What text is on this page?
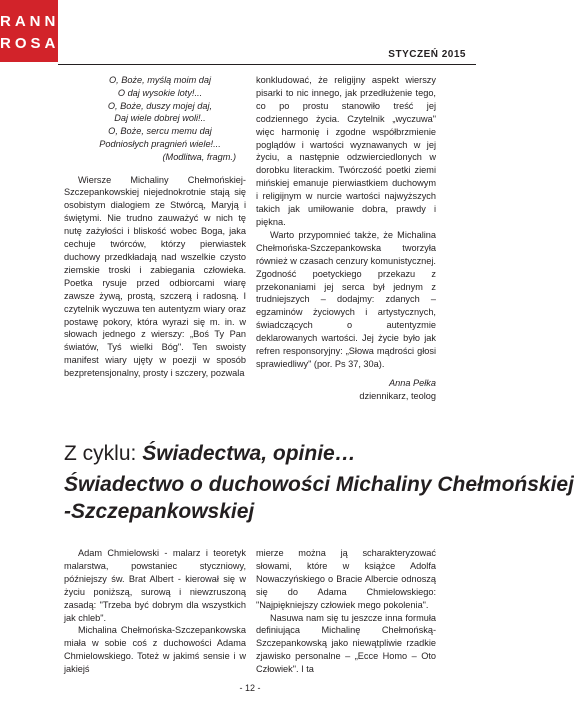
RANNA
ROSA
STYCZEŃ 2015
O, Boże, myślą moim daj
O daj wysokie loty!...
O, Boże, duszy mojej daj,
Daj wiele dobrej woli!..
O, Boże, sercu memu daj
Podniosłych pragnień wiele!...
(Modlitwa, fragm.)

Wiersze Michaliny Chełmońskiej-Szczepankowskiej niejednokrotnie stają się osobistym dialogiem ze Stwórcą, Maryją i świętymi. Nie trudno zauważyć w nich tę nutę zażyłości i bliskość wobec Boga, jaka cechuje twórców, którzy pierwiastek duchowy przedkładają nad wszelkie czysto ziemskie troski i zabiegania człowieka. Poetka rysuje przed odbiorcami wiarę zawsze żywą, prostą, szczerą i radosną. I czytelnik wyczuwa ten autentyzm wiary oraz postawę pokory, która wyrazi się m. in. w słowach jednego z wierszy: „Boś Ty Pan światów, Tyś wielki Bóg". Ten swoisty manifest wiary ujęty w poezji w sposób bezpretensjonalny, prosty i szczery, pozwala

konkludować, że religijny aspekt wierszy pisarki to nic innego, jak przedłużenie tego, co po prostu stanowiło treść jej codziennego życia. Czytelnik „wyczuwa" więc harmonię i zgodne współbrzmienie poglądów i wartości wyznawanych w jej życiu, a następnie odzwierciedlonych w dorobku literackim. Twórczość poetki ziemi mińskiej emanuje pierwiastkiem duchowym i religijnym w nurcie wartości najwyższych takich jak umiłowanie dobra, prawdy i piękna.

Warto przypomnieć także, że Michalina Chełmońska-Szczepankowska tworzyła również w czasach cenzury komunistycznej. Zgodność poetyckiego przekazu z przekonaniami jej serca był jednym z trudniejszych – dodajmy: zdanych – egzaminów życiowych i artystycznych, świadczących o autentyzmie deklarowanych wartości. Jej życie było jak refren responsoryjny: „Słowa mądrości głosi sprawiedliwy" (por. Ps 37, 30a).

Anna Pełka
dziennikarz, teolog
Z cyklu: Świadectwa, opinie…
Świadectwo o duchowości Michaliny Chełmońskiej
-Szczepankowskiej

Adam Chmielowski - malarz i teoretyk malarstwa, powstaniec styczniowy, późniejszy św. Brat Albert - kierował się w życiu poniższą, surową i niewzruszoną zasadą: "Trzeba być dobrym dla wszystkich jak chleb".

Michalina Chełmońska-Szczepankowska miała w sobie coś z duchowości Adama Chmielowskiego. Toteż w jakimś sensie i w jakiejś

mierze można ją scharakteryzować słowami, które w książce Adolfa Nowaczyńskiego o Bracie Albercie odnoszą się do Adama Chmielowskiego: "Najpiękniejszy człowiek mego pokolenia".

Nasuwa nam się tu jeszcze inna formuła definiująca Michalinę Chełmońską-Szczepankowską jako niewątpliwie rzadkie zjawisko personalne – „Ecce Homo – Oto Człowiek". I ta

- 12 -
